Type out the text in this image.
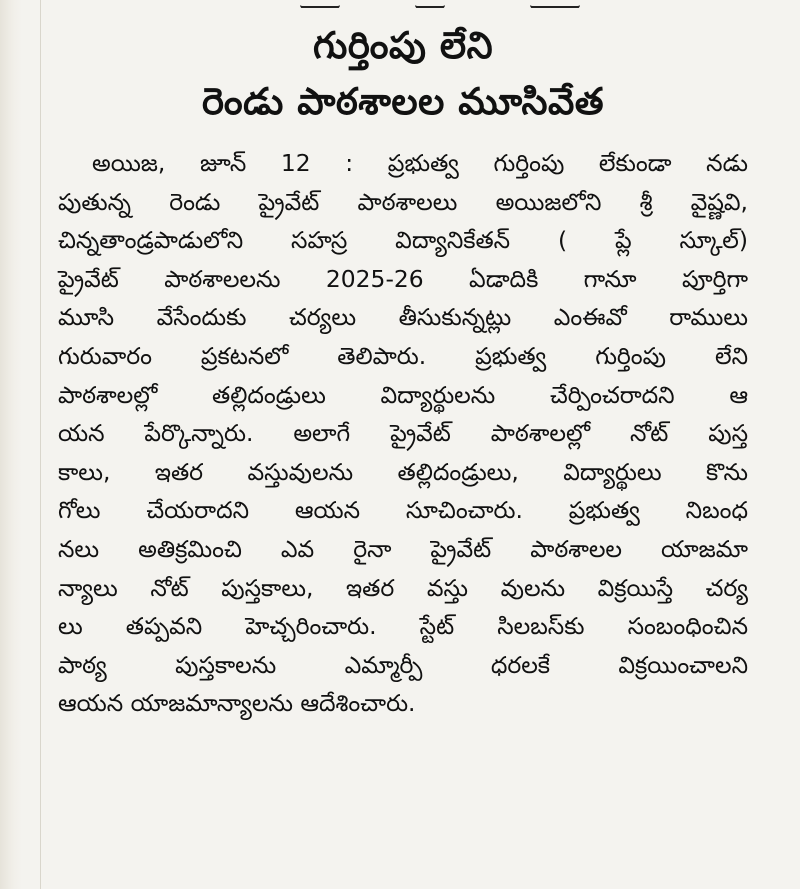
గుర్తింపు లేని
రెండు పాఠశాలల మూసివేత
అయిజ, జూన్ 12 : ప్రభుత్వ గుర్తింపు లేకుండా నడు
పుతున్న రెండు ప్రైవేట్ పాఠశాలలు అయిజలోని శ్రీ వైష్ణవి,
చిన్నతాండ్రపాడులోని సహస్ర విద్యానికేతన్ ( ప్లే స్కూల్)
ప్రైవేట్ పాఠశాలలను 2025-26 ఏడాదికి గానూ పూర్తిగా
మూసి వేసేందుకు చర్యలు తీసుకున్నట్లు ఎంఈవో రాములు
గురువారం ప్రకటనలో తెలిపారు. ప్రభుత్వ గుర్తింపు లేని
పాఠశాలల్లో తల్లిదండ్రులు విద్యార్థులను చేర్పించరాదని ఆ
యన పేర్కొన్నారు. అలాగే ప్రైవేట్ పాఠశాలల్లో నోట్ పుస్త
కాలు, ఇతర వస్తువులను తల్లిదండ్రులు, విద్యార్థులు కొను
గోలు చేయరాదని ఆయన సూచించారు. ప్రభుత్వ నిబంధ
నలు అతిక్రమించి ఎవ రైనా ప్రైవేట్ పాఠశాలల యాజమా
న్యాలు నోట్ పుస్తకాలు, ఇతర వస్తు వులను విక్రయిస్తే చర్య
లు తప్పవని హెచ్చరించారు. స్టేట్ సిలబస్‌కు సంబంధించిన
పాఠ్య పుస్తకాలను ఎమ్మార్పీ ధరలకే విక్రయించాలని
ఆయన యాజమాన్యాలను ఆదేశించారు.
